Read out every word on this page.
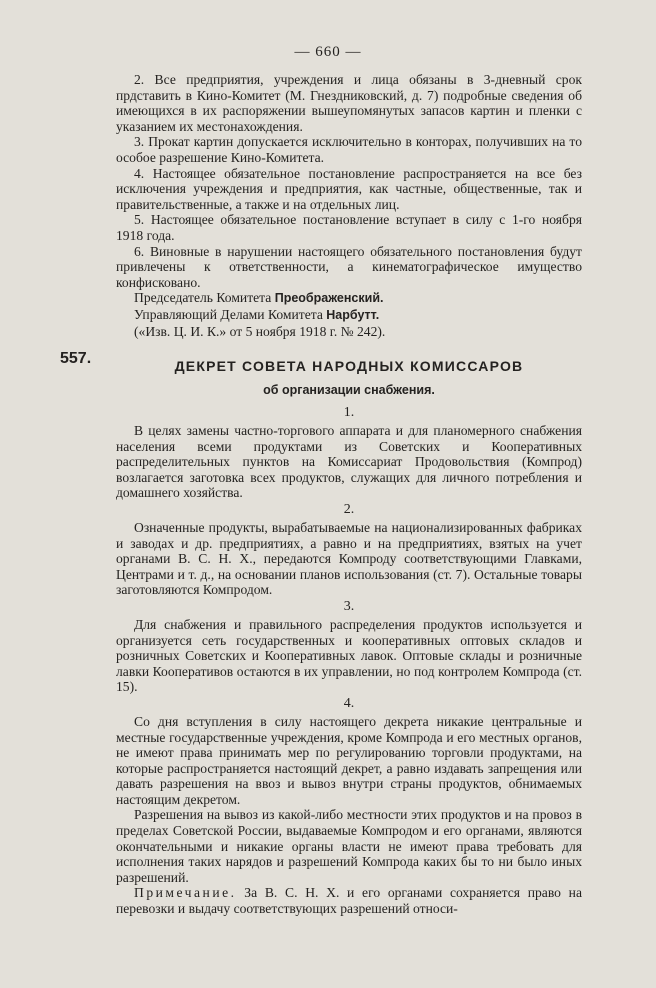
— 660 —

2. Все предприятия, учреждения и лица обязаны в 3-дневный срок прдставить в Кино-Комитет (М. Гнездниковский, д. 7) подробные сведения об имеющихся в их распоряжении вышеупомянутых запасов картин и пленки с указанием их местонахождения.

3. Прокат картин допускается исключительно в конторах, получивших на то особое разрешение Кино-Комитета.

4. Настоящее обязательное постановление распространяется на все без исключения учреждения и предприятия, как частные, общественные, так и правительственные, а также и на отдельных лиц.

5. Настоящее обязательное постановление вступает в силу с 1-го ноября 1918 года.

6. Виновные в нарушении настоящего обязательного постановления будут привлечены к ответственности, а кинематографическое имущество конфисковано.

Председатель Комитета Преображенский.

Управляющий Делами Комитета Нарбутт.

(«Изв. Ц. И. К.» от 5 ноября 1918 г. № 242).

557.	ДЕКРЕТ СОВЕТА НАРОДНЫХ КОМИССАРОВ
об организации снабжения.
1.

В целях замены частно-торгового аппарата и для планомерного снабжения населения всеми продуктами из Советских и Кооперативных распределительных пунктов на Комиссариат Продовольствия (Компрод) возлагается заготовка всех продуктов, служащих для личного потребления и домашнего хозяйства.

2.

Означенные продукты, вырабатываемые на национализированных фабриках и заводах и др. предприятиях, а равно и на предприятиях, взятых на учет органами В. С. Н. Х., передаются Компроду соответствующими Главками, Центрами и т. д., на основании планов использования (ст. 7). Остальные товары заготовляются Компродом.

3.

Для снабжения и правильного распределения продуктов используется и организуется сеть государственных и кооперативных оптовых складов и розничных Советских и Кооперативных лавок. Оптовые склады и розничные лавки Кооперативов остаются в их управлении, но под контролем Компрода (ст. 15).

4.

Со дня вступления в силу настоящего декрета никакие центральные и местные государственные учреждения, кроме Компрода и его местных органов, не имеют права принимать мер по регулированию торговли продуктами, на которые распространяется настоящий декрет, а равно издавать запрещения или давать разрешения на ввоз и вывоз внутри страны продуктов, обнимаемых настоящим декретом.

Разрешения на вывоз из какой-либо местности этих продуктов и на провоз в пределах Советской России, выдаваемые Компродом и его органами, являются окончательными и никакие органы власти не имеют права требовать для исполнения таких нарядов и разрешений Компрода каких бы то ни было иных разрешений.

Примечание. За В. С. Н. Х. и его органами сохраняется право на перевозки и выдачу соответствующих разрешений относи-
